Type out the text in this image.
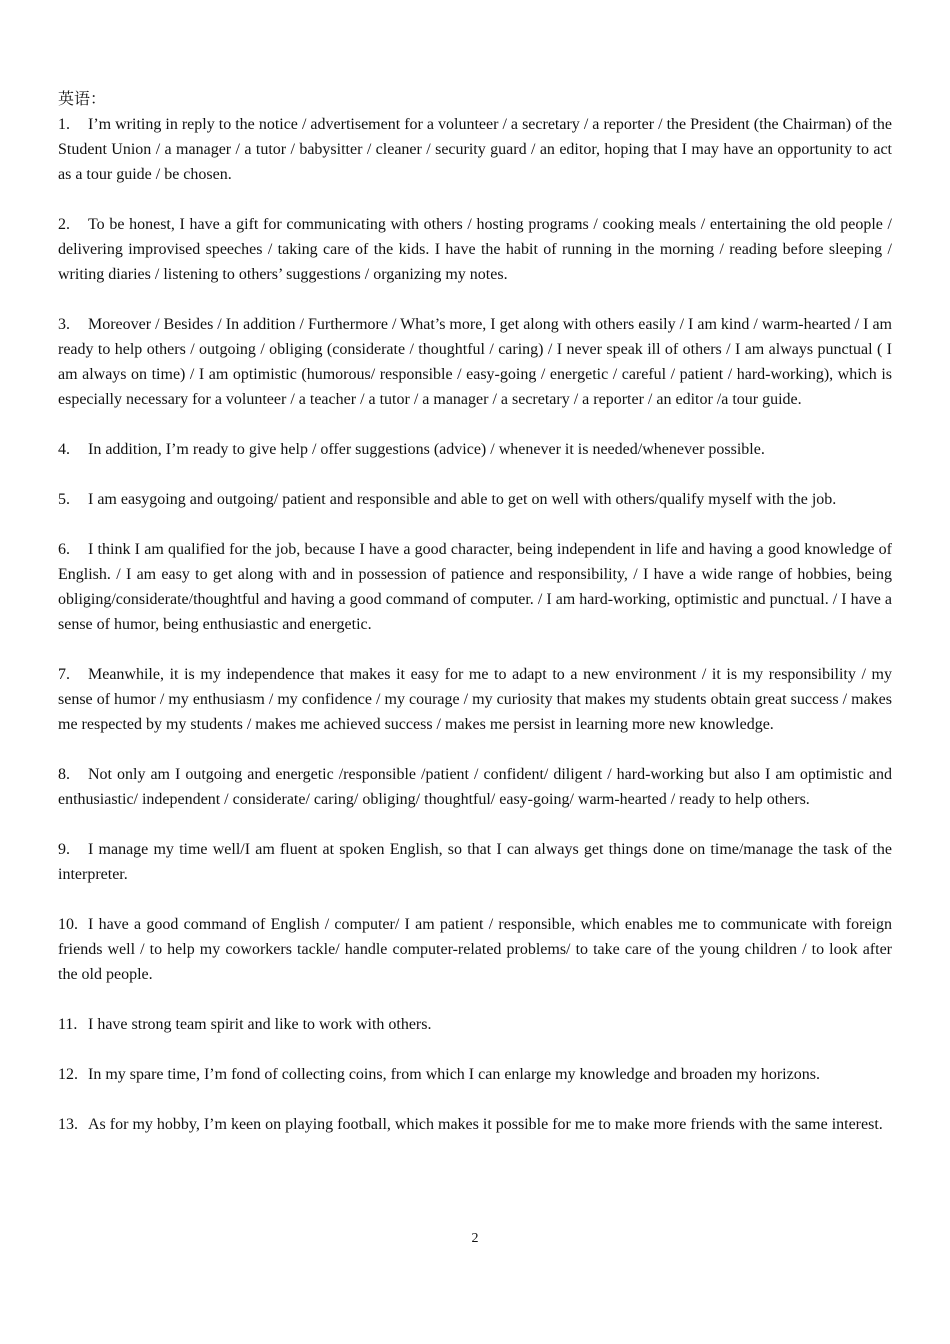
英语：

1. I’m writing in reply to the notice / advertisement for a volunteer / a secretary / a reporter / the President (the Chairman) of the Student Union / a manager / a tutor / babysitter / cleaner / security guard / an editor, hoping that I may have an opportunity to act as a tour guide / be chosen.

2. To be honest, I have a gift for communicating with others / hosting programs / cooking meals / entertaining the old people / delivering improvised speeches / taking care of the kids. I have the habit of running in the morning / reading before sleeping / writing diaries / listening to others’ suggestions / organizing my notes.

3. Moreover / Besides / In addition / Furthermore / What’s more, I get along with others easily / I am kind / warm-hearted / I am ready to help others / outgoing / obliging (considerate / thoughtful / caring) / I never speak ill of others / I am always punctual ( I am always on time) / I am optimistic (humorous/ responsible / easy-going / energetic / careful / patient / hard-working), which is especially necessary for a volunteer / a teacher / a tutor / a manager / a secretary / a reporter / an editor /a tour guide.

4. In addition, I’m ready to give help / offer suggestions (advice) / whenever it is needed/whenever possible.

5. I am easygoing and outgoing/ patient and responsible and able to get on well with others/qualify myself with the job.

6. I think I am qualified for the job, because I have a good character, being independent in life and having a good knowledge of English. / I am easy to get along with and in possession of patience and responsibility, / I have a wide range of hobbies, being obliging/considerate/thoughtful and having a good command of computer. / I am hard-working, optimistic and punctual. / I have a sense of humor, being enthusiastic and energetic.

7. Meanwhile, it is my independence that makes it easy for me to adapt to a new environment / it is my responsibility / my sense of humor / my enthusiasm / my confidence / my courage / my curiosity that makes my students obtain great success / makes me respected by my students / makes me achieved success / makes me persist in learning more new knowledge.

8. Not only am I outgoing and energetic /responsible /patient / confident/ diligent / hard-working but also I am optimistic and enthusiastic/ independent / considerate/ caring/ obliging/ thoughtful/ easy-going/ warm-hearted / ready to help others.

9. I manage my time well/I am fluent at spoken English, so that I can always get things done on time/manage the task of the interpreter.

10. I have a good command of English / computer/ I am patient / responsible, which enables me to communicate with foreign friends well / to help my coworkers tackle/ handle computer-related problems/ to take care of the young children / to look after the old people.

11. I have strong team spirit and like to work with others.

12. In my spare time, I’m fond of collecting coins, from which I can enlarge my knowledge and broaden my horizons.

13. As for my hobby, I’m keen on playing football, which makes it possible for me to make more friends with the same interest.

2
